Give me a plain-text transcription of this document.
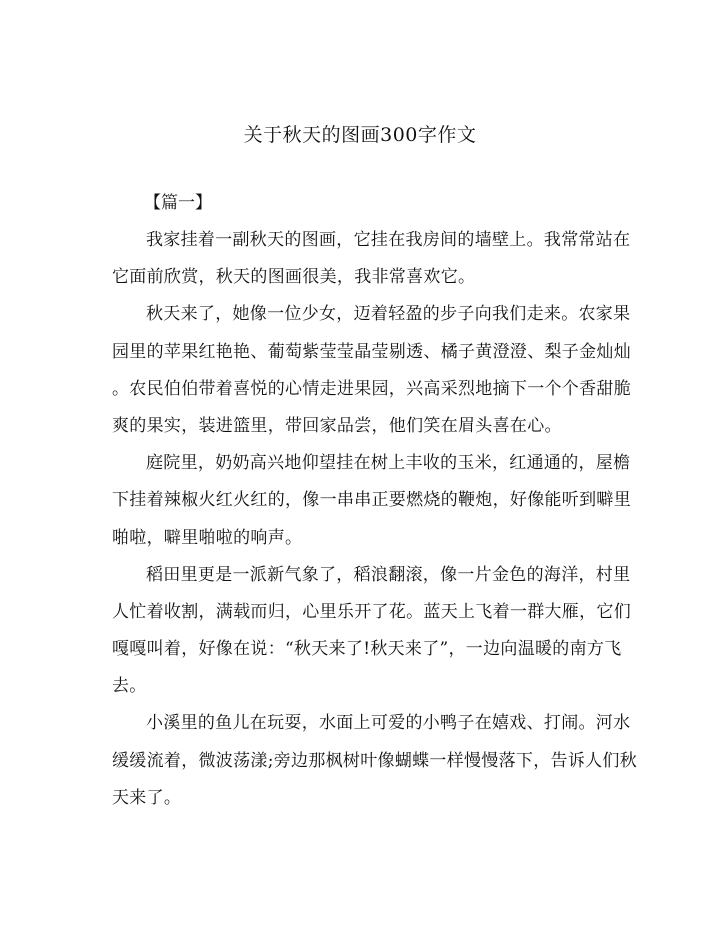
关于秋天的图画300字作文
【篇一】
我家挂着一副秋天的图画，它挂在我房间的墙壁上。我常常站在
它面前欣赏，秋天的图画很美，我非常喜欢它。
秋天来了，她像一位少女，迈着轻盈的步子向我们走来。农家果
园里的苹果红艳艳、葡萄紫莹莹晶莹剔透、橘子黄澄澄、梨子金灿灿
。农民伯伯带着喜悦的心情走进果园，兴高采烈地摘下一个个香甜脆
爽的果实，装进篮里，带回家品尝，他们笑在眉头喜在心。
庭院里，奶奶高兴地仰望挂在树上丰收的玉米，红通通的，屋檐
下挂着辣椒火红火红的，像一串串正要燃烧的鞭炮，好像能听到噼里
啪啦，噼里啪啦的响声。
稻田里更是一派新气象了，稻浪翻滚，像一片金色的海洋，村里
人忙着收割，满载而归，心里乐开了花。蓝天上飞着一群大雁，它们
嘎嘎叫着，好像在说：“秋天来了!秋天来了”，一边向温暖的南方飞
去。
小溪里的鱼儿在玩耍，水面上可爱的小鸭子在嬉戏、打闹。河水
缓缓流着，微波荡漾;旁边那枫树叶像蝴蝶一样慢慢落下，告诉人们秋
天来了。
